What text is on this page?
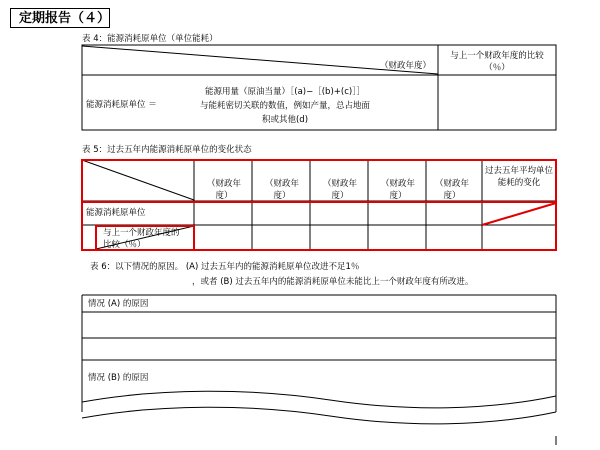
定期报告（４）
表 4：能源消耗原单位（单位能耗）
（财政年度）
与上一个财政年度的比较（％）
能源消耗原单位 ＝
能源用量（原油当量）［(a)−［(b)+(c)］］
与能耗密切关联的数值，例如产量，总占地面
积或其他(d)
表 5：过去五年内能源消耗原单位的变化状态
（财政年度）
（财政年度）
（财政年度）
（财政年度）
（财政年度）
过去五年平均单位能耗的变化
能源消耗原单位
与上一个财政年度的比较（％）
表 6：以下情况的原因。 (A) 过去五年内的能源消耗原单位改进不足1％
，或者 (B) 过去五年内的能源消耗原单位未能比上一个财政年度有所改进。
情况 (A) 的原因
情况 (B) 的原因
